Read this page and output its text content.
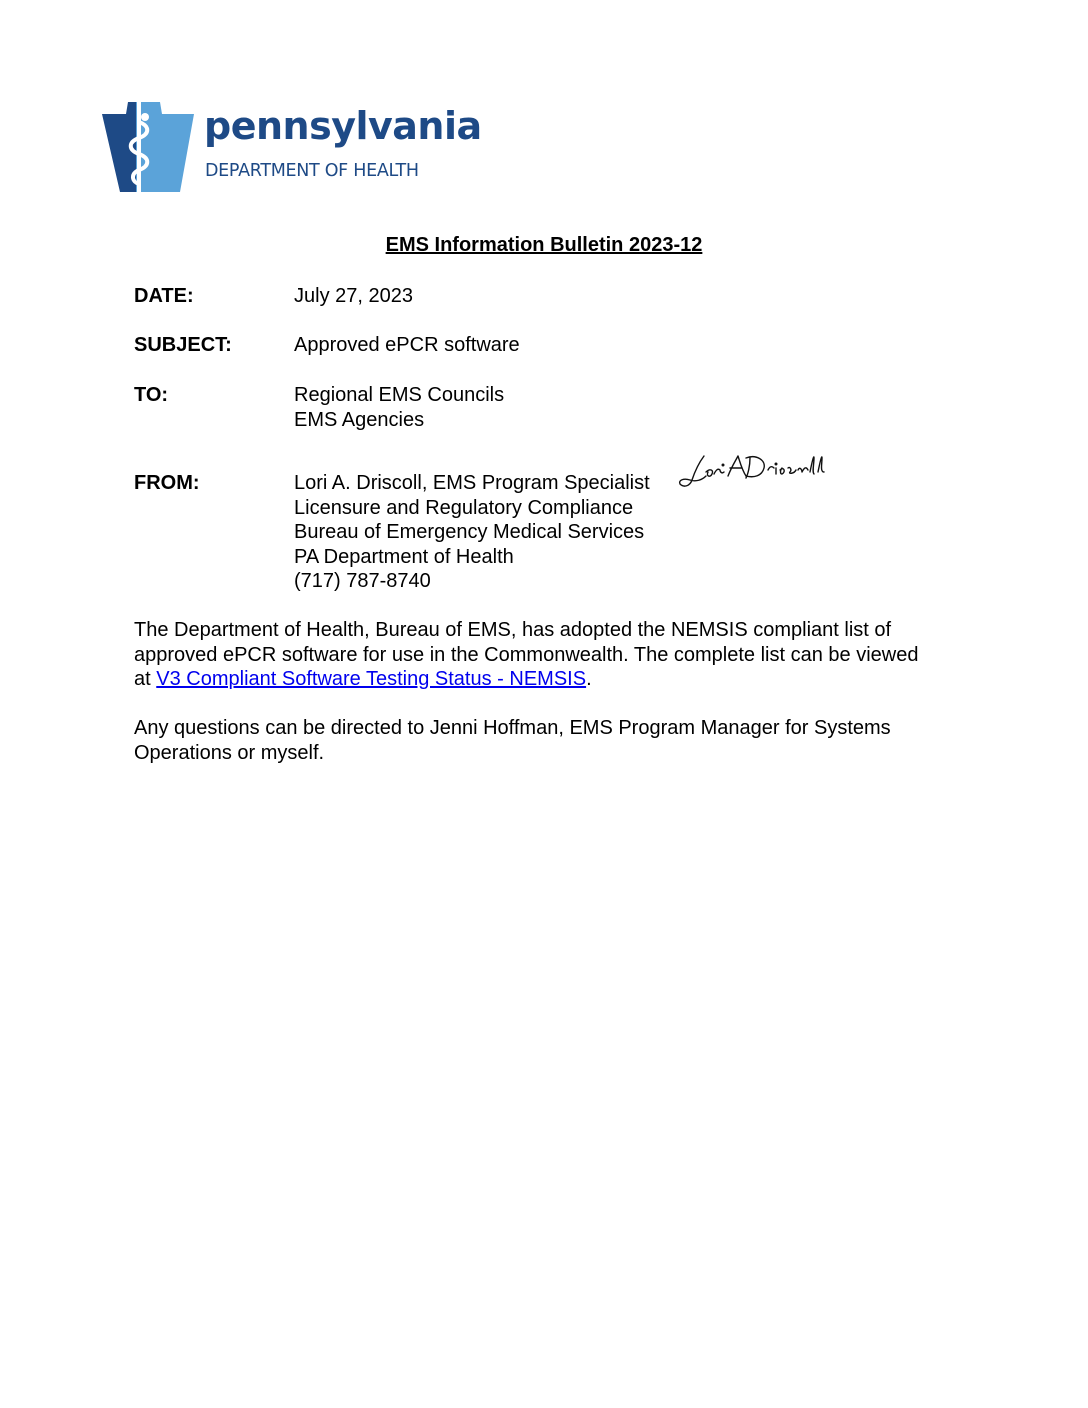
pennsylvania
DEPARTMENT OF HEALTH
EMS Information Bulletin 2023-12
DATE:	July 27, 2023
SUBJECT:	Approved ePCR software
TO:	Regional EMS Councils
EMS Agencies
FROM:	Lori A. Driscoll, EMS Program Specialist
Licensure and Regulatory Compliance
Bureau of Emergency Medical Services
PA Department of Health
(717) 787-8740
The Department of Health, Bureau of EMS, has adopted the NEMSIS compliant list of
approved ePCR software for use in the Commonwealth. The complete list can be viewed
at V3 Compliant Software Testing Status - NEMSIS.
Any questions can be directed to Jenni Hoffman, EMS Program Manager for Systems
Operations or myself.
